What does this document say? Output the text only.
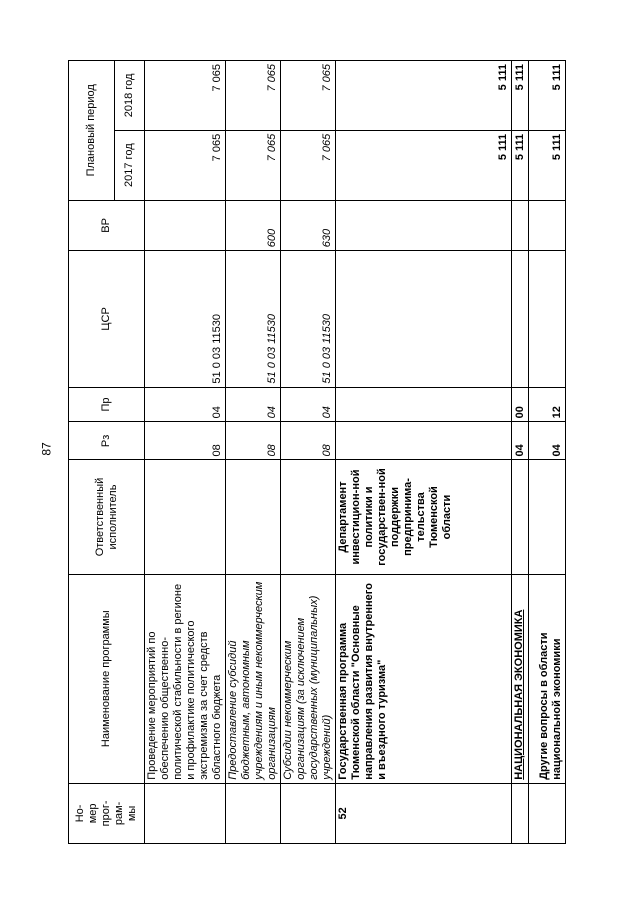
87
Но-
мер
прог-
рам-
мы	Наименование программы	Ответственный исполнитель	Рз	Пр	ЦСР	ВР	Плановый период	
							2017 год	2018 год
	Проведение мероприятий по обеспечению общественно-политической стабильности в регионе и профилактике политического экстремизма за счет средств областного бюджета		08	04	51 0 03 11530		7 065	7 065
	Предоставление субсидий бюджетным, автономным учреждениям и иным некоммерческим организациям		08	04	51 0 03 11530	600	7 065	7 065
	Субсидии некоммерческим организациям (за исключением государственных (муниципальных) учреждений)		08	04	51 0 03 11530	630	7 065	7 065
52	Государственная программа Тюменской области "Основные направления развития внутреннего и въездного туризма"	Департамент инвестицион-ной политики и государствен-ной поддержки предпринима-тельства Тюменской области					5 111	5 111
	НАЦИОНАЛЬНАЯ ЭКОНОМИКА		04	00			5 111	5 111
	Другие вопросы в области национальной экономики		04	12			5 111	5 111
